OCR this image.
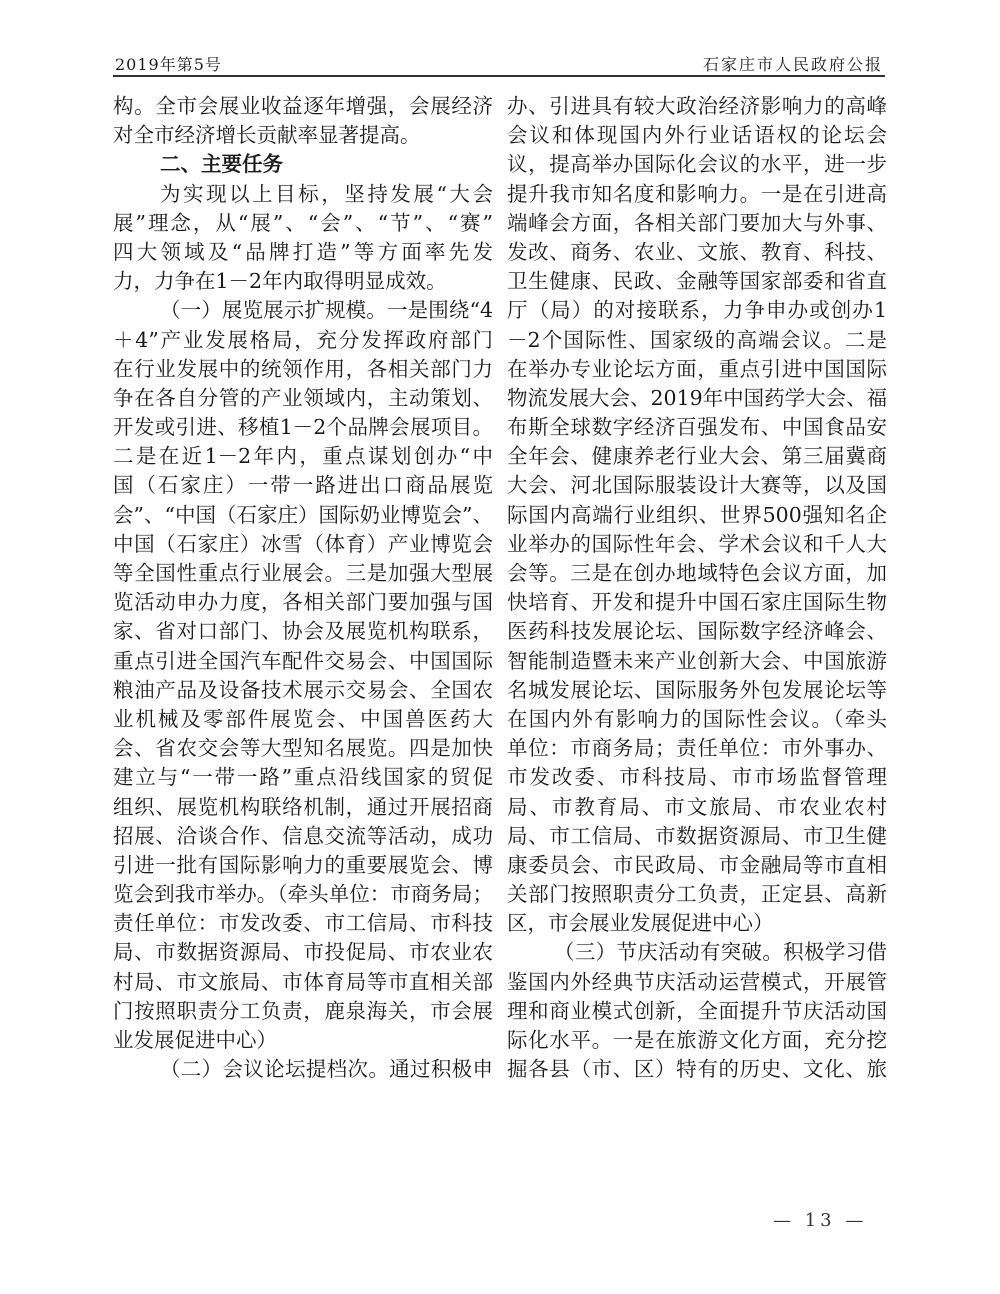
2019年第5号	石家庄市人民政府公报
构。全市会展业收益逐年增强，会展经济
对全市经济增长贡献率显著提高。
二、主要任务
为实现以上目标，坚持发展“大会
展”理念，从“展”、“会”、“节”、“赛”
四大领域及“品牌打造”等方面率先发
力，力争在1－2年内取得明显成效。
（一）展览展示扩规模。一是围绕“4
＋4”产业发展格局，充分发挥政府部门
在行业发展中的统领作用，各相关部门力
争在各自分管的产业领域内，主动策划、
开发或引进、移植1－2个品牌会展项目。
二是在近1－2年内，重点谋划创办“中
国（石家庄）一带一路进出口商品展览
会”、“中国（石家庄）国际奶业博览会”、
中国（石家庄）冰雪（体育）产业博览会
等全国性重点行业展会。三是加强大型展
览活动申办力度，各相关部门要加强与国
家、省对口部门、协会及展览机构联系，
重点引进全国汽车配件交易会、中国国际
粮油产品及设备技术展示交易会、全国农
业机械及零部件展览会、中国兽医药大
会、省农交会等大型知名展览。四是加快
建立与“一带一路”重点沿线国家的贸促
组织、展览机构联络机制，通过开展招商
招展、洽谈合作、信息交流等活动，成功
引进一批有国际影响力的重要展览会、博
览会到我市举办。（牵头单位：市商务局；
责任单位：市发改委、市工信局、市科技
局、市数据资源局、市投促局、市农业农
村局、市文旅局、市体育局等市直相关部
门按照职责分工负责，鹿泉海关，市会展
业发展促进中心）
（二）会议论坛提档次。通过积极申
办、引进具有较大政治经济影响力的高峰
会议和体现国内外行业话语权的论坛会
议，提高举办国际化会议的水平，进一步
提升我市知名度和影响力。一是在引进高
端峰会方面，各相关部门要加大与外事、
发改、商务、农业、文旅、教育、科技、
卫生健康、民政、金融等国家部委和省直
厅（局）的对接联系，力争申办或创办1
－2个国际性、国家级的高端会议。二是
在举办专业论坛方面，重点引进中国国际
物流发展大会、2019年中国药学大会、福
布斯全球数字经济百强发布、中国食品安
全年会、健康养老行业大会、第三届冀商
大会、河北国际服装设计大赛等，以及国
际国内高端行业组织、世界500强知名企
业举办的国际性年会、学术会议和千人大
会等。三是在创办地域特色会议方面，加
快培育、开发和提升中国石家庄国际生物
医药科技发展论坛、国际数字经济峰会、
智能制造暨未来产业创新大会、中国旅游
名城发展论坛、国际服务外包发展论坛等
在国内外有影响力的国际性会议。（牵头
单位：市商务局；责任单位：市外事办、
市发改委、市科技局、市市场监督管理
局、市教育局、市文旅局、市农业农村
局、市工信局、市数据资源局、市卫生健
康委员会、市民政局、市金融局等市直相
关部门按照职责分工负责，正定县、高新
区，市会展业发展促进中心）
（三）节庆活动有突破。积极学习借
鉴国内外经典节庆活动运营模式，开展管
理和商业模式创新，全面提升节庆活动国
际化水平。一是在旅游文化方面，充分挖
掘各县（市、区）特有的历史、文化、旅
— 13 —
